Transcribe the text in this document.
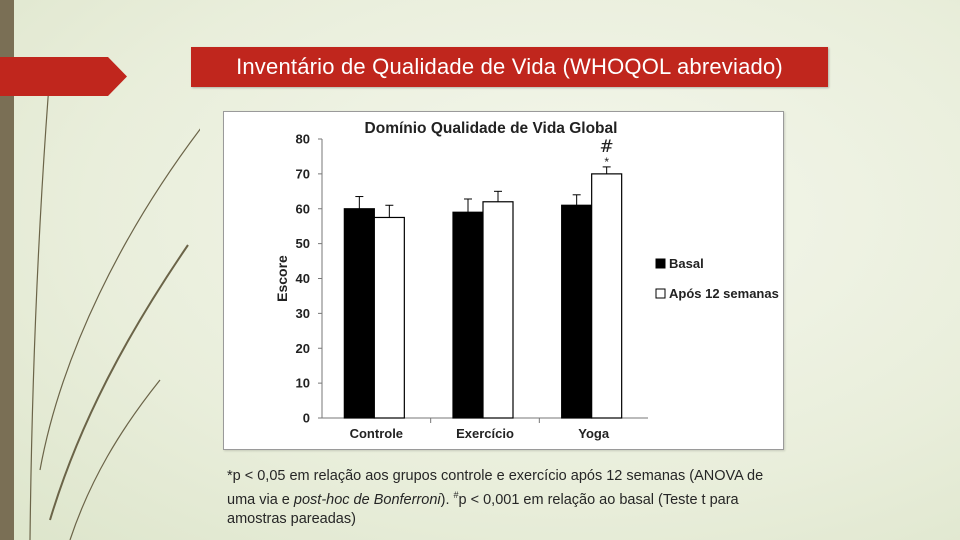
Inventário de Qualidade de Vida (WHOQOL abreviado)
Domínio Qualidade de Vida Global
0
10
20
30
40
50
60
70
80
Escore
Controle	Exercício	Yoga
#
*
Basal
Após 12 semanas
*p < 0,05 em relação aos grupos controle e exercício após 12 semanas (ANOVA de uma via e post-hoc de Bonferroni). #p < 0,001 em relação ao basal (Teste t para amostras pareadas)
